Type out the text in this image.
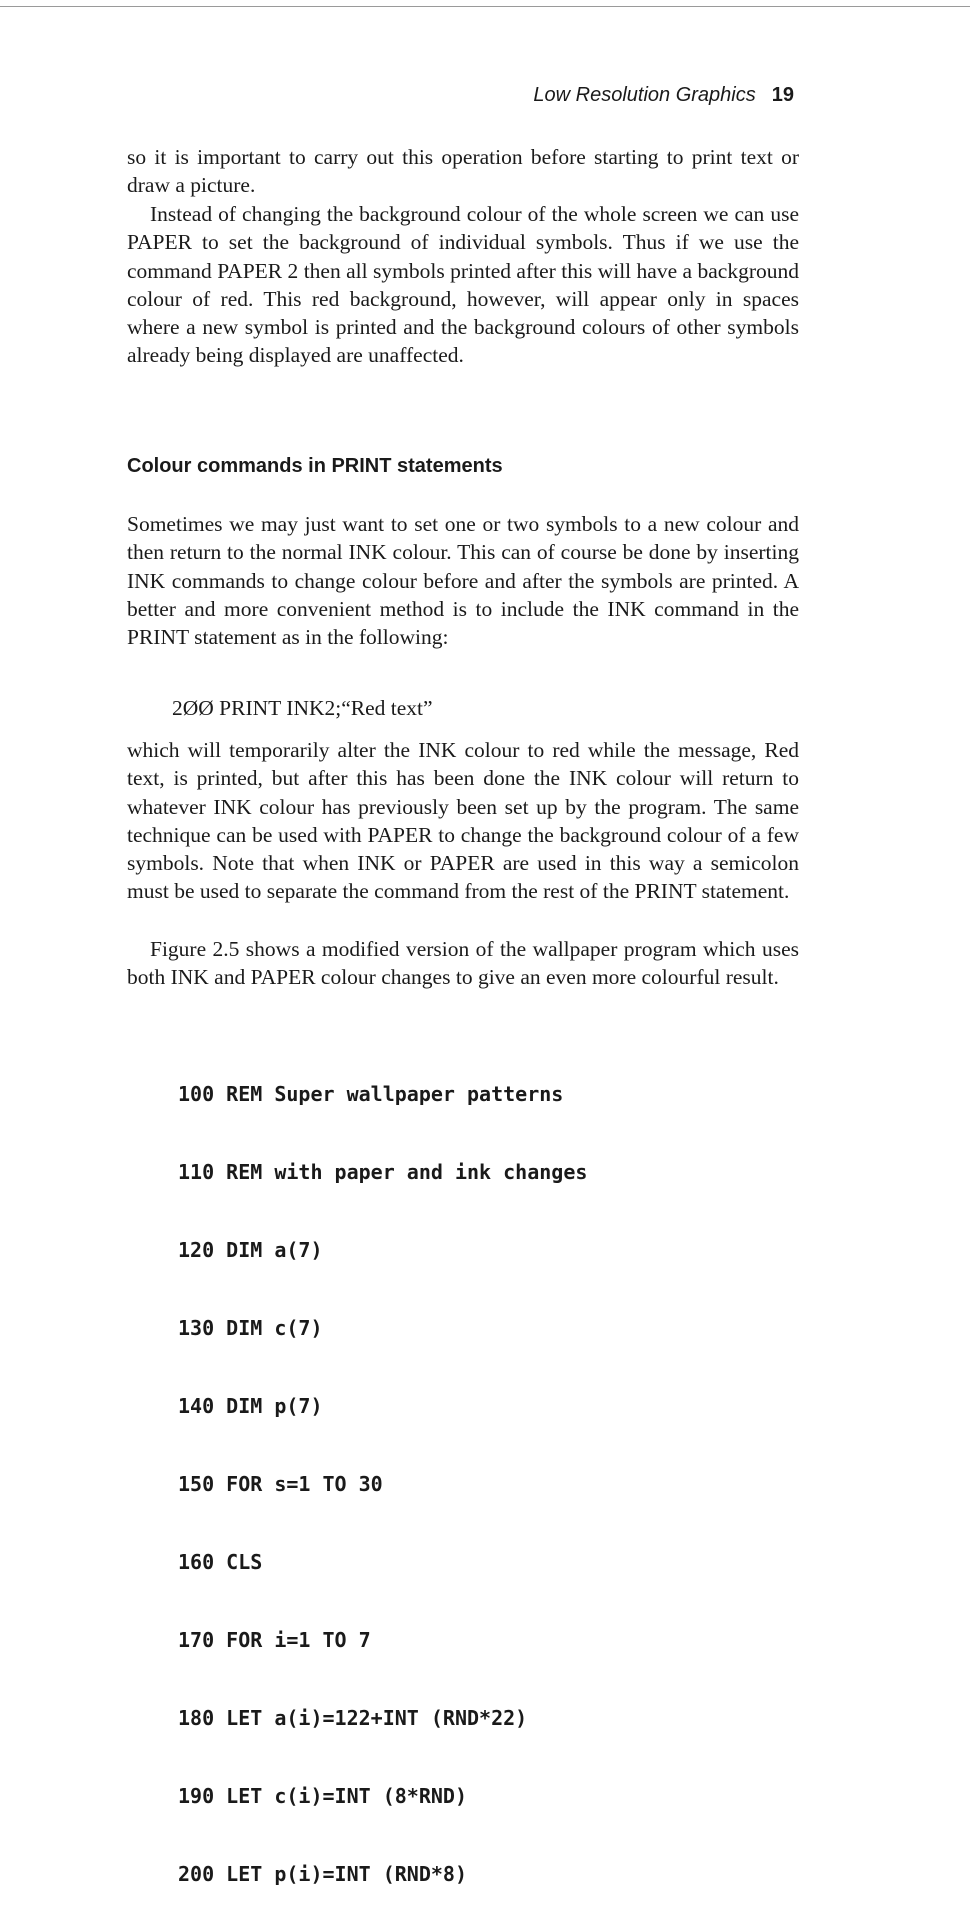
Low Resolution Graphics 19

so it is important to carry out this operation before starting to print text or draw a picture.

Instead of changing the background colour of the whole screen we can use PAPER to set the background of individual symbols. Thus if we use the command PAPER 2 then all symbols printed after this will have a background colour of red. This red background, however, will appear only in spaces where a new symbol is printed and the background colours of other symbols already being displayed are unaffected.

Colour commands in PRINT statements

Sometimes we may just want to set one or two symbols to a new colour and then return to the normal INK colour. This can of course be done by inserting INK commands to change colour before and after the symbols are printed. A better and more convenient method is to include the INK command in the PRINT statement as in the following:

2ØØ PRINT INK2;“Red text”

which will temporarily alter the INK colour to red while the message, Red text, is printed, but after this has been done the INK colour will return to whatever INK colour has previously been set up by the program. The same technique can be used with PAPER to change the background colour of a few symbols. Note that when INK or PAPER are used in this way a semicolon must be used to separate the command from the rest of the PRINT statement.

Figure 2.5 shows a modified version of the wallpaper program which uses both INK and PAPER colour changes to give an even more colourful result.

100 REM Super wallpaper patterns

110 REM with paper and ink changes

120 DIM a(7)

130 DIM c(7)

140 DIM p(7)

150 FOR s=1 TO 30

160 CLS

170 FOR i=1 TO 7

180 LET a(i)=122+INT (RND*22)

190 LET c(i)=INT (8*RND)

200 LET p(i)=INT (RND*8)
